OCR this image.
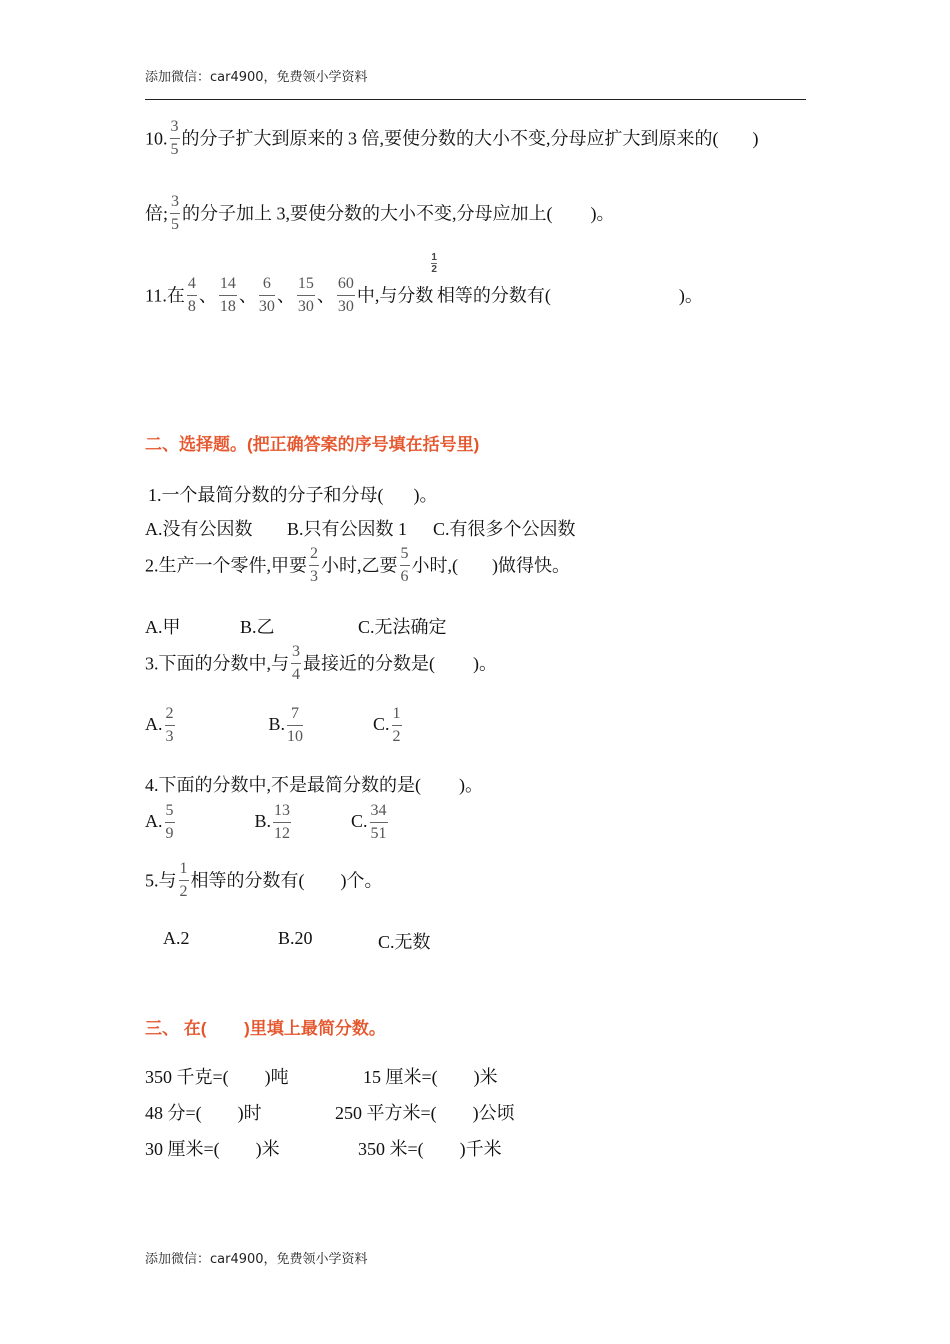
添加微信：car4900，免费领小学资料
10. $\frac{3}{5}$ 的分子扩大到原来的 3 倍,要使分数的大小不变,分母应扩大到原来的( )
倍; $\frac{3}{5}$ 的分子加上 3,要使分数的大小不变,分母应加上( )。
11.在 $\frac{4}{8}$ 、 $\frac{14}{18}$ 、 $\frac{6}{30}$ 、 $\frac{15}{30}$ 、 $\frac{60}{30}$ 中,与分数
$\frac{1}{2}$
相等的分数有(	)。
二、选择题。(把正确答案的序号填在括号里)
1.一个最简分数的分子和分母( )。
A.没有公因数 B.只有公因数 1 C.有很多个公因数
2.生产一个零件,甲要 $\frac{2}{3}$ 小时,乙要 $\frac{5}{6}$ 小时,( )做得快。
A.甲	B.乙	C.无法确定
3.下面的分数中,与 $\frac{3}{4}$ 最接近的分数是( )。
A. $\frac{2}{3}$	B. $\frac{7}{10}$	C. $\frac{1}{2}$
4.下面的分数中,不是最简分数的是( )。
A. $\frac{5}{9}$	B. $\frac{13}{12}$	C. $\frac{34}{51}$
5.与 $\frac{1}{2}$ 相等的分数有( )个。
A.2	B.20	C.无数
三、 在(        )里填上最简分数。
350 千克=(        )吨	15 厘米=(        )米
48 分=(        )时	250 平方米=(        )公顷
30 厘米=(        )米	350 米=(        )千米
添加微信：car4900，免费领小学资料
